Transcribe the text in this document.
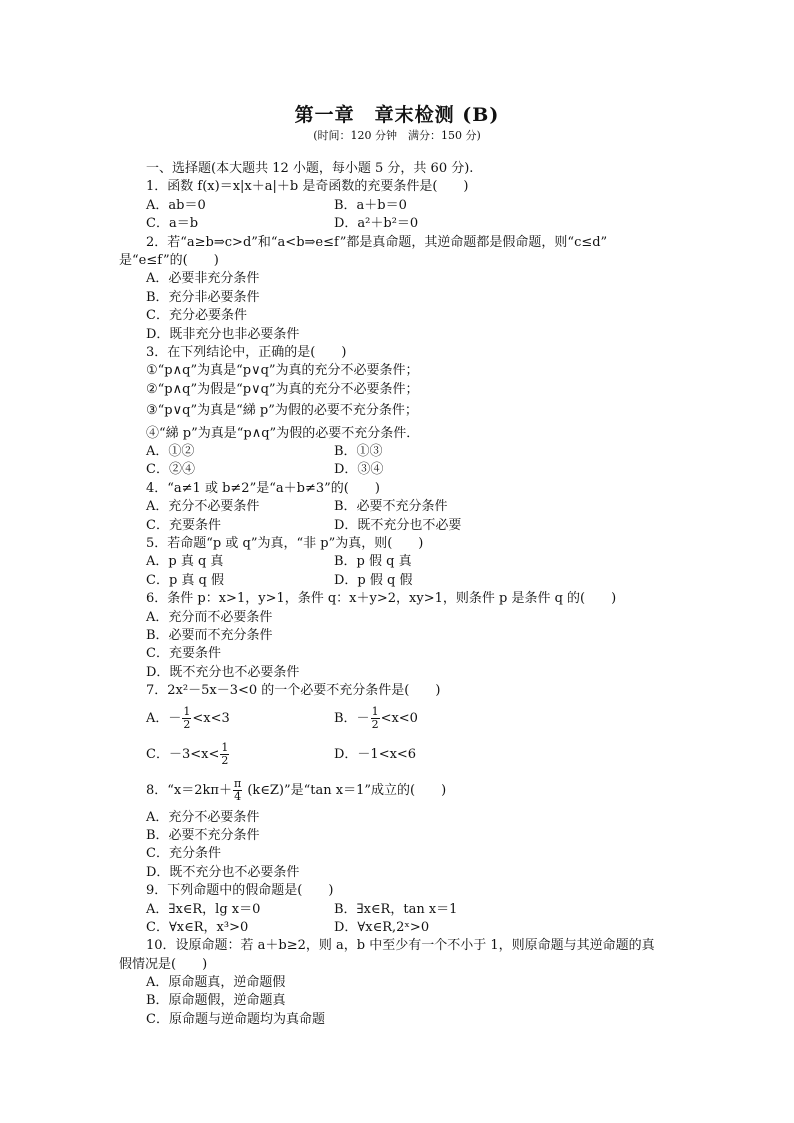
第一章　章末检测 (B)
(时间：120 分钟　满分：150 分)
一、选择题(本大题共 12 小题，每小题 5 分，共 60 分).
1．函数 f(x)＝x|x＋a|＋b 是奇函数的充要条件是(　　)
A．ab＝0	B．a＋b＝0
C．a＝b	D．a²＋b²＝0
2．若“a≥b⇒c>d”和“a<b⇒e≤f”都是真命题，其逆命题都是假命题，则“c≤d”
是“e≤f”的(　　)
A．必要非充分条件
B．充分非必要条件
C．充分必要条件
D．既非充分也非必要条件
3．在下列结论中，正确的是(　　)
①“p∧q”为真是“p∨q”为真的充分不必要条件；
②“p∧q”为假是“p∨q”为真的充分不必要条件；
③“p∨q”为真是“綈 p”为假的必要不充分条件；
④“綈 p”为真是“p∧q”为假的必要不充分条件．
A．①②	B．①③
C．②④	D．③④
4．“a≠1 或 b≠2”是“a＋b≠3”的(　　)
A．充分不必要条件	B．必要不充分条件
C．充要条件	D．既不充分也不必要
5．若命题“p 或 q”为真，“非 p”为真，则(　　)
A．p 真 q 真	B．p 假 q 真
C．p 真 q 假	D．p 假 q 假
6．条件 p：x>1，y>1，条件 q：x＋y>2，xy>1，则条件 p 是条件 q 的(　　)
A．充分而不必要条件
B．必要而不充分条件
C．充要条件
D．既不充分也不必要条件
7．2x²－5x－3<0 的一个必要不充分条件是(　　)
A．－ $\frac{1}{2} <x<3$	B．－ $\frac{1}{2} <x<0$
C．$-3<x< \frac{1}{2}$	D．－1<x<6
8．“$x=2k\pi+ \frac{\pi}{4}$ (k∈Z)”是“tan x＝1”成立的(　　)
A．充分不必要条件
B．必要不充分条件
C．充分条件
D．既不充分也不必要条件
9．下列命题中的假命题是(　　)
A．∃x∈R，lg x＝0	B．∃x∈R，tan x＝1
C．∀x∈R，x³>0	D．∀x∈R,2ˣ>0
10．设原命题：若 a＋b≥2，则 a，b 中至少有一个不小于 1，则原命题与其逆命题的真
假情况是(　　)
A．原命题真，逆命题假
B．原命题假，逆命题真
C．原命题与逆命题均为真命题
